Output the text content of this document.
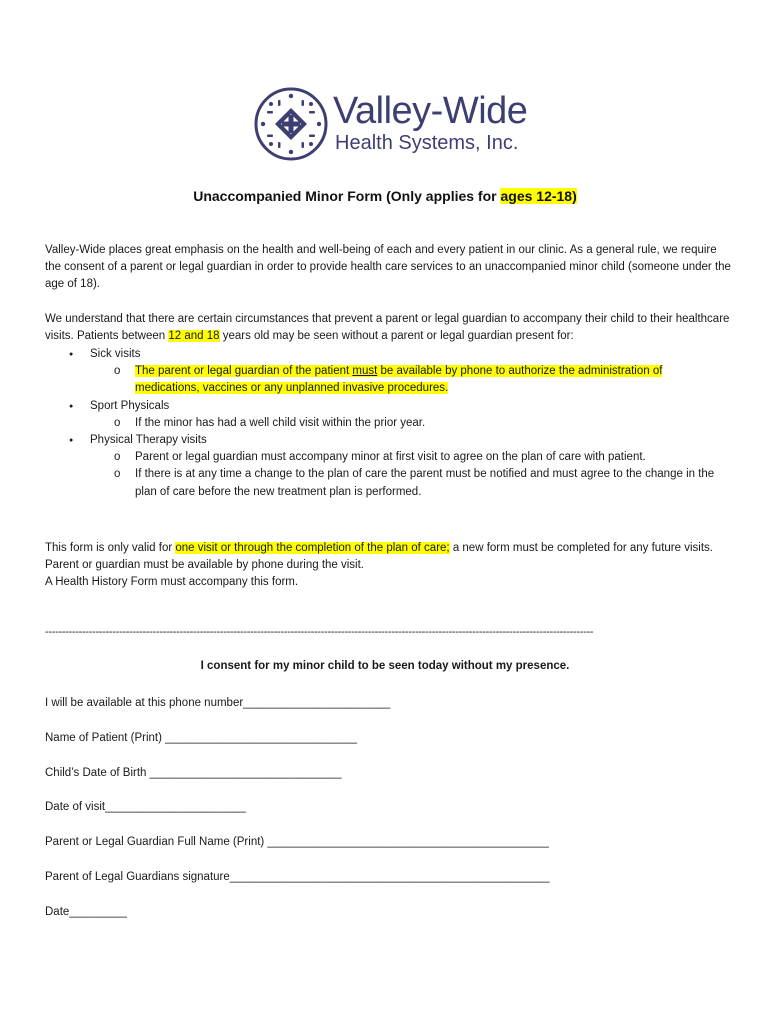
Valley-Wide
Health Systems, Inc.
Unaccompanied Minor Form (Only applies for ages 12-18)
Valley-Wide places great emphasis on the health and well-being of each and every patient in our clinic. As a general rule, we require the consent of a parent or legal guardian in order to provide health care services to an unaccompanied minor child (someone under the age of 18).
We understand that there are certain circumstances that prevent a parent or legal guardian to accompany their child to their healthcare visits. Patients between 12 and 18 years old may be seen without a parent or legal guardian present for:
● Sick visits
o The parent or legal guardian of the patient must be available by phone to authorize the administration of medications, vaccines or any unplanned invasive procedures.
● Sport Physicals
o If the minor has had a well child visit within the prior year.
● Physical Therapy visits
o Parent or legal guardian must accompany minor at first visit to agree on the plan of care with patient.
o If there is at any time a change to the plan of care the parent must be notified and must agree to the change in the plan of care before the new treatment plan is performed.
This form is only valid for one visit or through the completion of the plan of care; a new form must be completed for any future visits.
Parent or guardian must be available by phone during the visit.
A Health History Form must accompany this form.
-------------------------------------------------------------------------------------------------------------------------------------------------------------------
I consent for my minor child to be seen today without my presence.
I will be available at this phone number_______________________
Name of Patient (Print) ______________________________
Child’s Date of Birth ______________________________
Date of visit______________________
Parent or Legal Guardian Full Name (Print) ____________________________________________
Parent of Legal Guardians signature__________________________________________________
Date_________
